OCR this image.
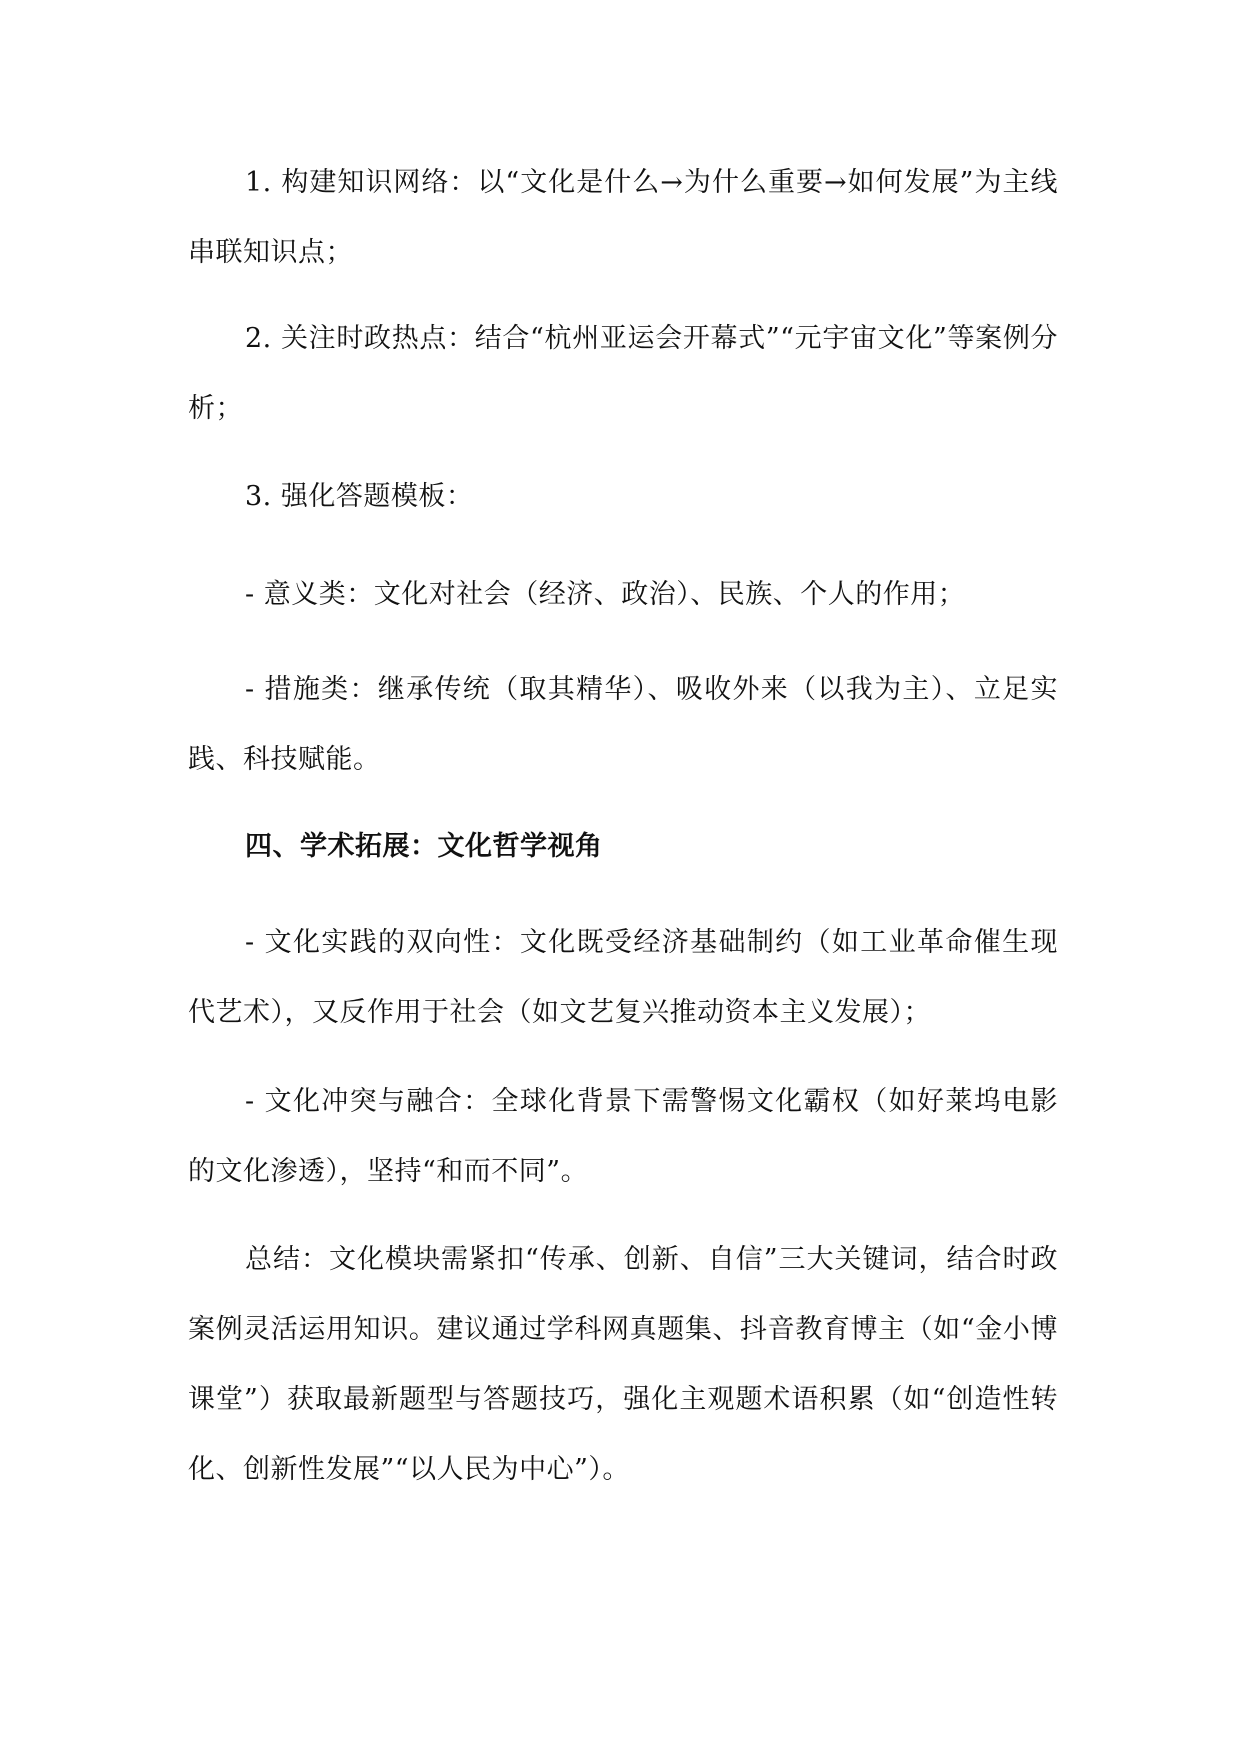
1. 构建知识网络：以“文化是什么→为什么重要→如何发展”为主线串联知识点；

2. 关注时政热点：结合“杭州亚运会开幕式”“元宇宙文化”等案例分析；

3. 强化答题模板：

- 意义类：文化对社会（经济、政治）、民族、个人的作用；

- 措施类：继承传统（取其精华）、吸收外来（以我为主）、立足实践、科技赋能。

四、学术拓展：文化哲学视角

- 文化实践的双向性：文化既受经济基础制约（如工业革命催生现代艺术），又反作用于社会（如文艺复兴推动资本主义发展）；

- 文化冲突与融合：全球化背景下需警惕文化霸权（如好莱坞电影的文化渗透），坚持“和而不同”。

总结：文化模块需紧扣“传承、创新、自信”三大关键词，结合时政案例灵活运用知识。建议通过学科网真题集、抖音教育博主（如“金小博课堂”）获取最新题型与答题技巧，强化主观题术语积累（如“创造性转化、创新性发展”“以人民为中心”）。
